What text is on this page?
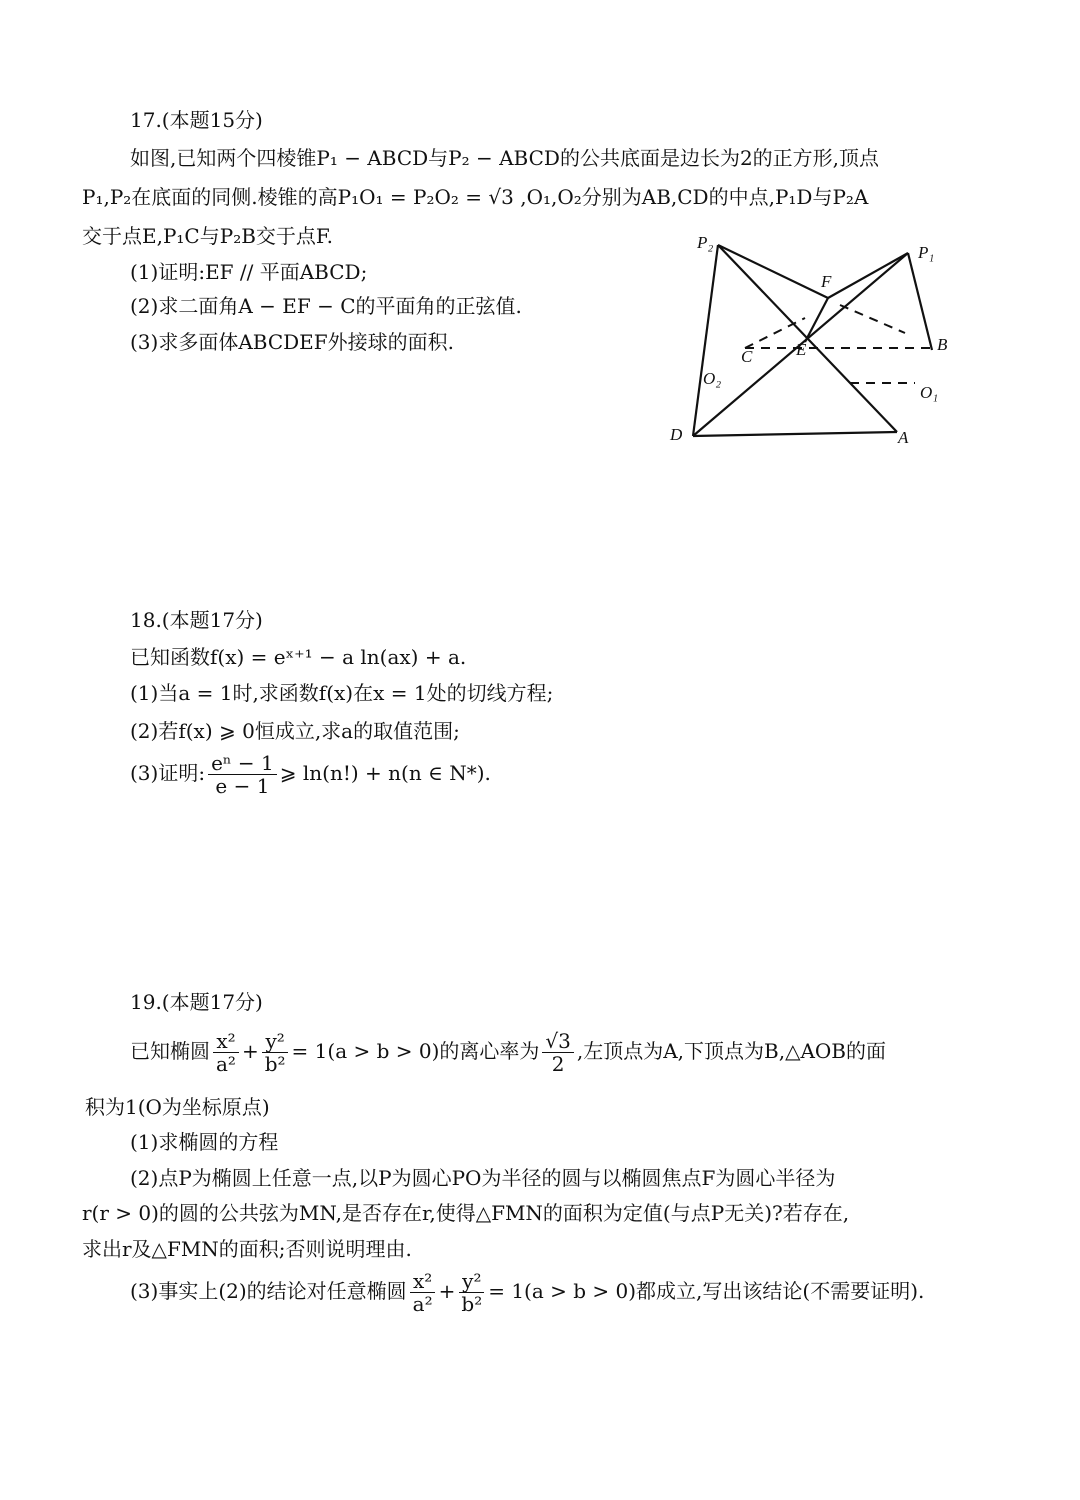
17.(本题15分)
如图,已知两个四棱锥P₁ − ABCD与P₂ − ABCD的公共底面是边长为2的正方形,顶点
P₁,P₂在底面的同侧.棱锥的高P₁O₁ = P₂O₂ = √3 ,O₁,O₂分别为AB,CD的中点,P₁D与P₂A
交于点E,P₁C与P₂B交于点F.
(1)证明:EF // 平面ABCD;
(2)求二面角A − EF − C的平面角的正弦值.
(3)求多面体ABCDEF外接球的面积.
P₂
P₁
F
E
C
B
O₂
O₁
D	A
18.(本题17分)
已知函数f(x) = eˣ⁺¹ − a ln(ax) + a.
(1)当a = 1时,求函数f(x)在x = 1处的切线方程;
(2)若f(x) ⩾ 0恒成立,求a的取值范围;
(3)证明: $\frac{\text{eⁿ − 1}}{e - 1}$ ⩾ ln(n!) + n(n ∈ N*).
19.(本题17分)
已知椭圆 $\frac{\text{x²}}{\text{a²}} + \frac{\text{y²}}{\text{b²}} = 1(a > b > 0)$的离心率为 $\frac{√3}{2}$ ,左顶点为A,下顶点为B,△AOB的面
积为1(O为坐标原点)
(1)求椭圆的方程
(2)点P为椭圆上任意一点,以P为圆心PO为半径的圆与以椭圆焦点F为圆心半径为
r(r > 0)的圆的公共弦为MN,是否存在r,使得△FMN的面积为定值(与点P无关)?若存在,
求出r及△FMN的面积;否则说明理由.
(3)事实上(2)的结论对任意椭圆 $\frac{\text{x²}}{\text{a²}} + \frac{\text{y²}}{\text{b²}} = 1(a > b > 0)$都成立,写出该结论(不需要证明).
